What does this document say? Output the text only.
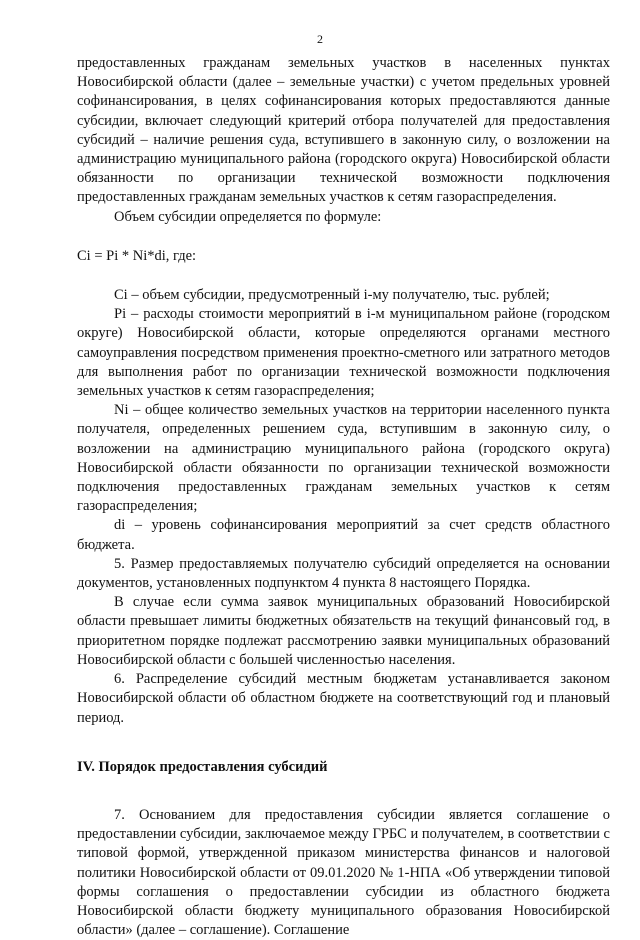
2

предоставленных гражданам земельных участков в населенных пунктах Новосибирской области (далее – земельные участки) с учетом предельных уровней софинансирования, в целях софинансирования которых предоставляются данные субсидии, включает следующий критерий отбора получателей для предоставления субсидий – наличие решения суда, вступившего в законную силу, о возложении на администрацию муниципального района (городского округа) Новосибирской области обязанности по организации технической возможности подключения предоставленных гражданам земельных участков к сетям газораспределения.

Объем субсидии определяется по формуле:

Ci = Pi * Ni*di, где:

Ci – объем субсидии, предусмотренный i-му получателю, тыс. рублей;

Pi – расходы стоимости мероприятий в i-м муниципальном районе (городском округе) Новосибирской области, которые определяются органами местного самоуправления посредством применения проектно-сметного или затратного методов для выполнения работ по организации технической возможности подключения земельных участков к сетям газораспределения;

Ni – общее количество земельных участков на территории населенного пункта получателя, определенных решением суда, вступившим в законную силу, о возложении на администрацию муниципального района (городского округа) Новосибирской области обязанности по организации технической возможности подключения предоставленных гражданам земельных участков к сетям газораспределения;

di – уровень софинансирования мероприятий за счет средств областного бюджета.

5. Размер предоставляемых получателю субсидий определяется на основании документов, установленных подпунктом 4 пункта 8 настоящего Порядка.

В случае если сумма заявок муниципальных образований Новосибирской области превышает лимиты бюджетных обязательств на текущий финансовый год, в приоритетном порядке подлежат рассмотрению заявки муниципальных образований Новосибирской области с большей численностью населения.

6. Распределение субсидий местным бюджетам устанавливается законом Новосибирской области об областном бюджете на соответствующий год и плановый период.

IV. Порядок предоставления субсидий

7. Основанием для предоставления субсидии является соглашение о предоставлении субсидии, заключаемое между ГРБС и получателем, в соответствии с типовой формой, утвержденной приказом министерства финансов и налоговой политики Новосибирской области от 09.01.2020 № 1-НПА «Об утверждении типовой формы соглашения о предоставлении субсидии из областного бюджета Новосибирской области бюджету муниципального образования Новосибирской области» (далее – соглашение). Соглашение
